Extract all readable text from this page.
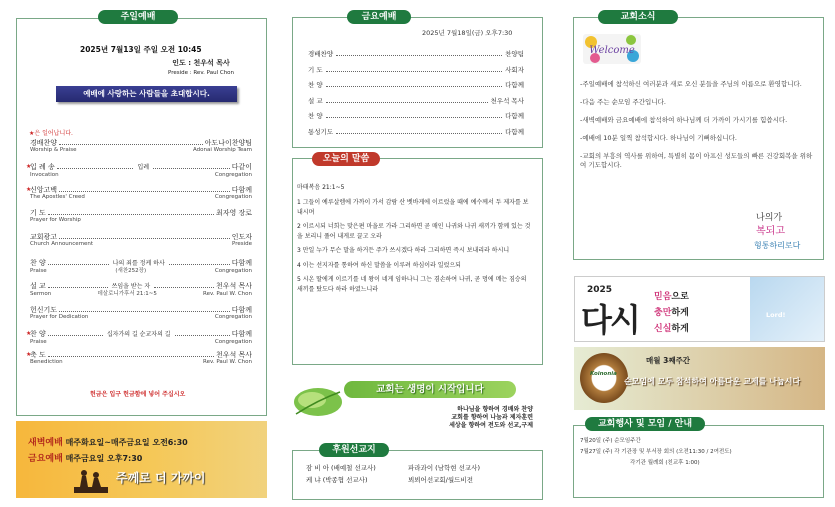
주일예배
2025년 7월13일 주일 오전 10:45
인도 : 천우석 목사
Preside : Rev. Paul Chon
예배에 사랑하는 사람들을 초대합시다.
★은 일어납니다.
경배찬양	아도나이찬양팀
Worship & Praise	Adonai Worship Team
★
입 례 송	입례	다같이
Invocation	Congregation
★
신앙고백	다함께
The Apostles' Creed	Congregation
기 도	최자영 장로
Prayer for Worship
교회광고	인도자
Church Announcement	Preside
찬 양	나의 죄를 정케 하사	다함께
Praise	(새찬252장)	Congregation
설 교	쓰임을 받는 자	천우석 목사
Sermon	데살로니가후서 21:1~5	Rev. Paul W. Chon
헌신기도	다함께
Prayer for Dedication	Congregation
★
찬 양	십자가의 길 순교자의 길	다함께
Praise	Congregation
★
축 도	천우석 목사
Benediction	Rev. Paul W. Chon
헌금은 입구 헌금함에 넣어 주십시오
새벽예배 매주화요일~매주금요일 오전6:30
금요예배 매주금요일 오후7:30
주께로 더 가까이
금요예배
2025년 7월18일(금) 오후7:30
경배찬양	찬양팀
기 도	사회자
찬 양	다함께
설 교	천우석 목사
찬 양	다함께
통성기도	다함께
오늘의 말씀
마태복음 21:1~5

1 그들이 예루살렘에 가까이 가서 감람 산 벳바게에 이르렀을 때에 예수께서 두 제자를 보내시며

2 이르시되 너희는 맞은편 마을로 가라 그리하면 곧 매인 나귀와 나귀 새끼가 함께 있는 것을 보리니 풀어 내게로 끌고 오라

3 만일 누가 무슨 말을 하거든 주가 쓰시겠다 하라 그리하면 즉시 보내리라 하시니

4 이는 선지자를 통하여 하신 말씀을 이루려 하심이라 일렀으되

5 시온 딸에게 이르기를 네 왕이 네게 임하나니 그는 겸손하여 나귀, 곧 멍에 메는 짐승의 새끼를 탔도다 하라 하였느니라

교회는 생명이 시작입니다
하나님을 향하여 경배와 찬양
교회를 향하여 나눔과 제자훈련
세상을 향하여 전도와 선교,구제
후원선교지
잠 비 아 (배예철 선교사)	파라과이 (남학현 선교사)
케 냐 (박종협 선교사)	뵈뵈어선교회/월드비전
교회소식
Welcome

-주일예배에 참석하신 여러분과 새로 오신 분들을 주님의 이름으로 환영합니다.

-다음 주는 순모임 주간입니다.

-새벽예배와 금요예배에 참석하여 하나님께 더 가까이 가시기를 힘씁시다.

-예배에 10분 일찍 참석합시다. 하나님이 기뻐하십니다.

-교회의 부흥의 역사를 위하여, 특별히 몸이 아프신 성도들의 빠른 건강회복을 위하여 기도합시다.

나의가
복되고
형통하리로다
2025
다시
믿음으로
충만하게
신실하게
Lord!
Koinonia
매월 3째주간
순모임에 모두 참석하여 아름다운 교제를 나눕시다
교회행사 및 모임 / 안내
7월20일 (주) 순모임주간
7월27일 (주) 각 기관장 및 부서장 회의 (오전11:30 / 2여전도)
각기관 월례회 (친교후 1:00)
